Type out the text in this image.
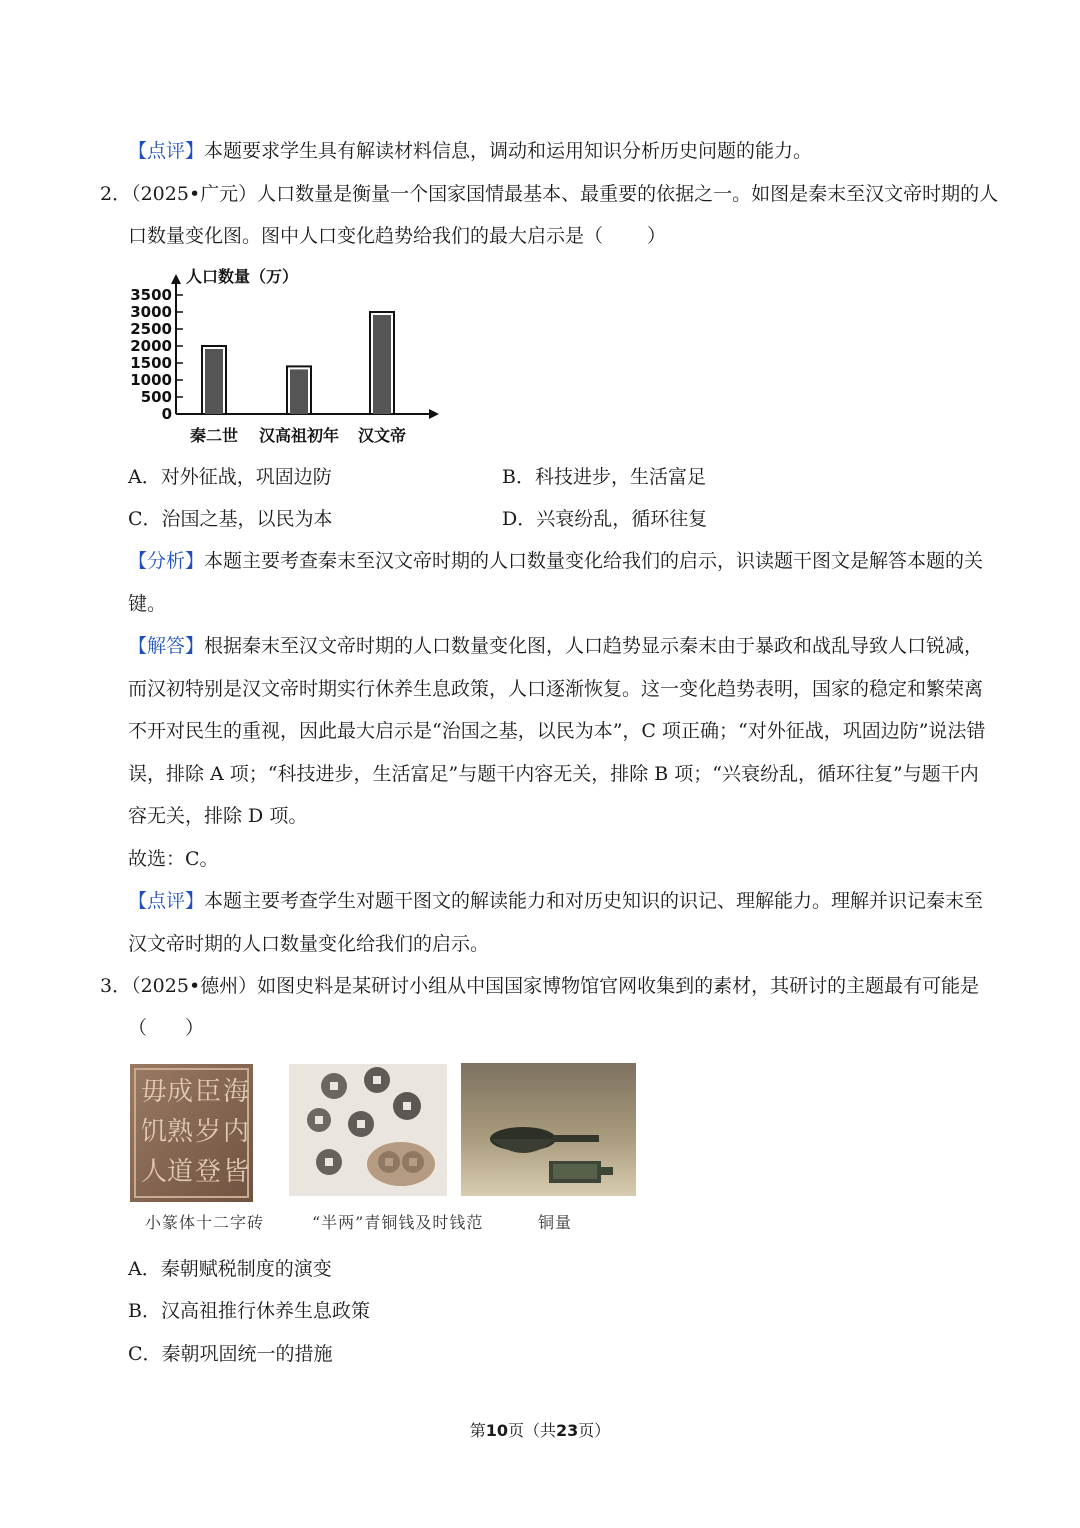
【点评】本题要求学生具有解读材料信息，调动和运用知识分析历史问题的能力。
2．（2025•广元）人口数量是衡量一个国家国情最基本、最重要的依据之一。如图是秦末至汉文帝时期的人
口数量变化图。图中人口变化趋势给我们的最大启示是（ ）
人口数量（万）
0
500
1000
1500
2000
2500
3000
3500
秦二世 汉高祖初年 汉文帝
A．对外征战，巩固边防	B．科技进步，生活富足
C．治国之基，以民为本	D．兴衰纷乱，循环往复
【分析】本题主要考查秦末至汉文帝时期的人口数量变化给我们的启示，识读题干图文是解答本题的关
键。
【解答】根据秦末至汉文帝时期的人口数量变化图，人口趋势显示秦末由于暴政和战乱导致人口锐减，
而汉初特别是汉文帝时期实行休养生息政策，人口逐渐恢复。这一变化趋势表明，国家的稳定和繁荣离
不开对民生的重视，因此最大启示是“治国之基，以民为本”，C 项正确；“对外征战，巩固边防”说法错
误，排除 A 项；“科技进步，生活富足”与题干内容无关，排除 B 项；“兴衰纷乱，循环往复”与题干内
容无关，排除 D 项。
故选：C。
【点评】本题主要考查学生对题干图文的解读能力和对历史知识的识记、理解能力。理解并识记秦末至
汉文帝时期的人口数量变化给我们的启示。
3．（2025•德州）如图史料是某研讨小组从中国国家博物馆官网收集到的素材，其研讨的主题最有可能是
（　　）
海
内
皆
臣
岁
登
成
熟
道
毋
饥
人
小篆体十二字砖	“半两”青铜钱及时钱范	铜量
A．秦朝赋税制度的演变
B．汉高祖推行休养生息政策
C．秦朝巩固统一的措施
第10页（共23页）
